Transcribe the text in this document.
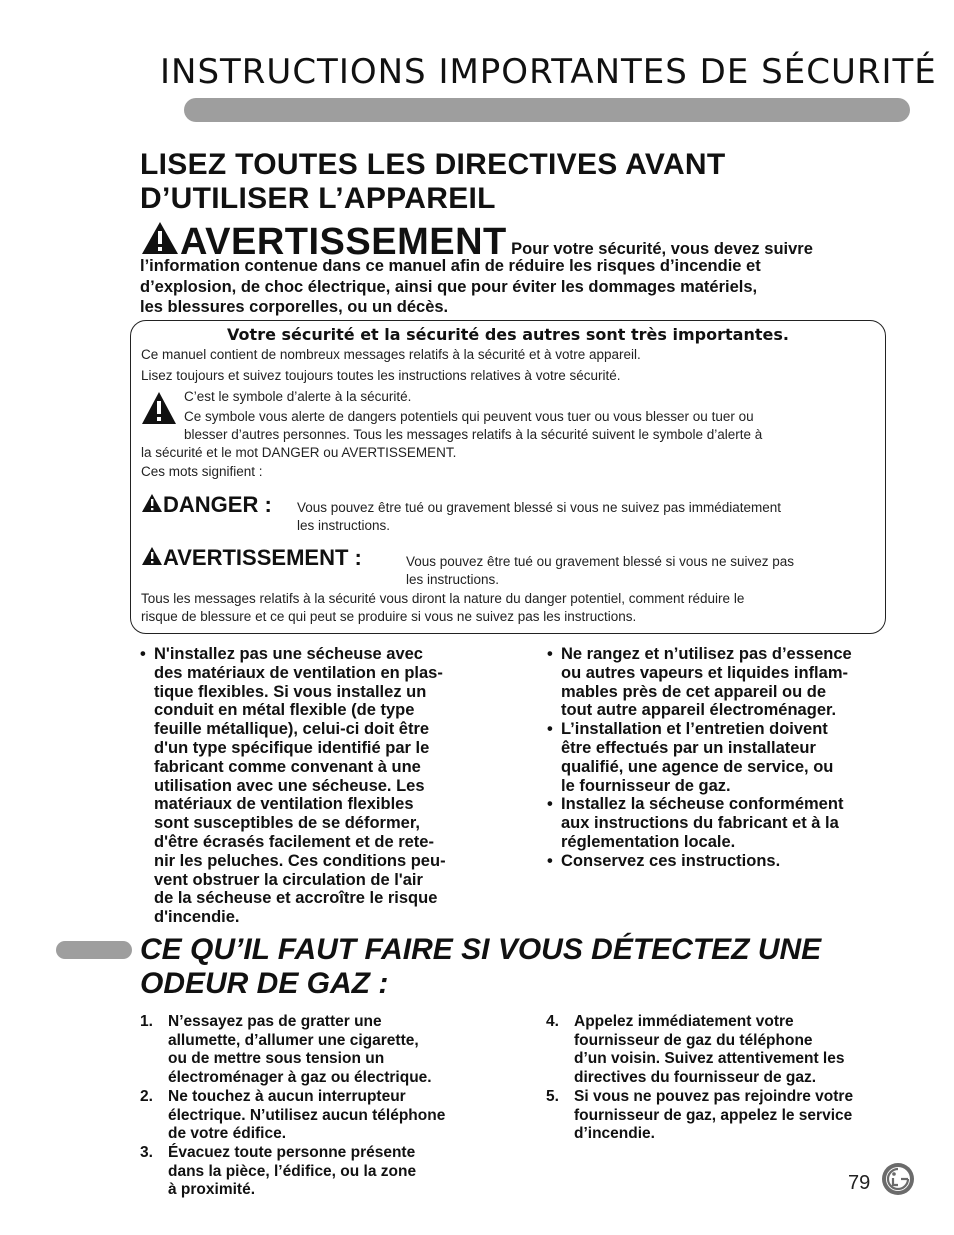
INSTRUCTIONS IMPORTANTES DE SÉCURITÉ
LISEZ TOUTES LES DIRECTIVES AVANT
D’UTILISER L’APPAREIL
AVERTISSEMENT Pour votre sécurité, vous devez suivre
l’information contenue dans ce manuel afin de réduire les risques d’incendie et
d’explosion, de choc électrique, ainsi que pour éviter les dommages matériels,
les blessures corporelles, ou un décès.
Votre sécurité et la sécurité des autres sont très importantes.
Ce manuel contient de nombreux messages relatifs à la sécurité et à votre appareil.
Lisez toujours et suivez toujours toutes les instructions relatives à votre sécurité.
C’est le symbole d’alerte à la sécurité.
Ce symbole vous alerte de dangers potentiels qui peuvent vous tuer ou vous blesser ou tuer ou
blesser d’autres personnes. Tous les messages relatifs à la sécurité suivent le symbole d’alerte à
la sécurité et le mot DANGER ou AVERTISSEMENT.
Ces mots signifient :
DANGER : Vous pouvez être tué ou gravement blessé si vous ne suivez pas immédiatement
les instructions.
AVERTISSEMENT :	Vous pouvez être tué ou gravement blessé si vous ne suivez pas
les instructions.
Tous les messages relatifs à la sécurité vous diront la nature du danger potentiel, comment réduire le
risque de blessure et ce qui peut se produire si vous ne suivez pas les instructions.
• N'installez pas une sécheuse avec
des matériaux de ventilation en plas-
tique flexibles. Si vous installez un
conduit en métal flexible (de type
feuille métallique), celui-ci doit être
d'un type spécifique identifié par le
fabricant comme convenant à une
utilisation avec une sécheuse. Les
matériaux de ventilation flexibles
sont susceptibles de se déformer,
d'être écrasés facilement et de rete-
nir les peluches. Ces conditions peu-
vent obstruer la circulation de l'air
de la sécheuse et accroître le risque
d'incendie.
• Ne rangez et n’utilisez pas d’essence
ou autres vapeurs et liquides inflam-
mables près de cet appareil ou de
tout autre appareil électroménager.
• L’installation et l’entretien doivent
être effectués par un installateur
qualifié, une agence de service, ou
le fournisseur de gaz.
• Installez la sécheuse conformément
aux instructions du fabricant et à la
réglementation locale.
• Conservez ces instructions.
CE QU’IL FAUT FAIRE SI VOUS DÉTECTEZ UNE
ODEUR DE GAZ :
1. N’essayez pas de gratter une
allumette, d’allumer une cigarette,
ou de mettre sous tension un
électroménager à gaz ou électrique.
2. Ne touchez à aucun interrupteur
électrique. N’utilisez aucun téléphone
de votre édifice.
3. Évacuez toute personne présente
dans la pièce, l’édifice, ou la zone
à proximité.
4. Appelez immédiatement votre
fournisseur de gaz du téléphone
d’un voisin. Suivez attentivement les
directives du fournisseur de gaz.
5. Si vous ne pouvez pas rejoindre votre
fournisseur de gaz, appelez le service
d’incendie.
79
